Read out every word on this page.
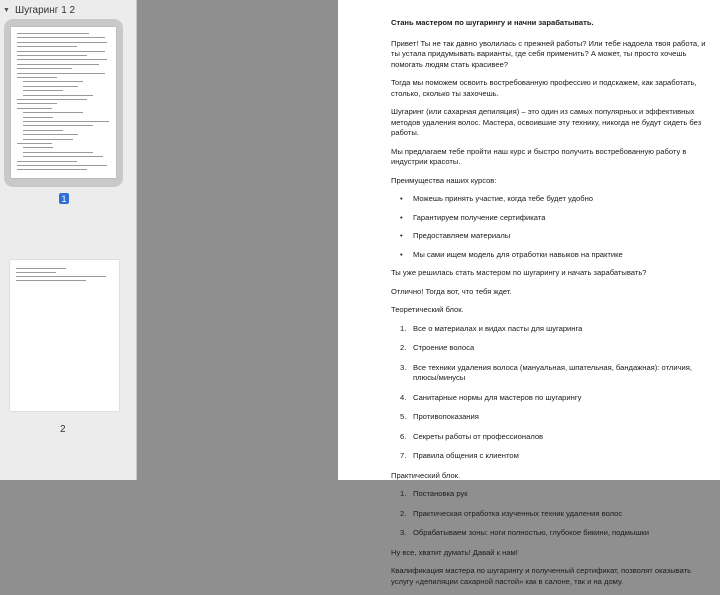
▼ Шугаринг 1 2
1
2

Стань мастером по шугарингу и начни зарабатывать.

Привет! Ты не так давно уволилась с прежней работы? Или тебе надоела твоя работа, и ты устала придумывать варианты, где себя применить? А может, ты просто хочешь помогать людям стать красивее?

Тогда мы поможем освоить востребованную профессию и подскажем, как заработать, столько, сколько ты захочешь.

Шугаринг (или сахарная депиляция) – это один из самых популярных и эффективных методов удаления волос. Мастера, освоившие эту технику, никогда не будут сидеть без работы.

Мы предлагаем тебе пройти наш курс и быстро получить востребованную работу в индустрии красоты.

Преимущества наших курсов:

• Можешь принять участие, когда тебе будет удобно
• Гарантируем получение сертификата
• Предоставляем материалы
• Мы сами ищем модель для отработки навыков на практике

Ты уже решилась стать мастером по шугарингу и начать зарабатывать?

Отлично! Тогда вот, что тебя ждет.

Теоретический блок.

1. Все о материалах и видах пасты для шугаринга
2. Строение волоса
3. Все техники удаления волоса (мануальная, шпательная, бандажная): отличия, плюсы/минусы
4. Санитарные нормы для мастеров по шугарингу
5. Противопоказания
6. Секреты работы от профессионалов
7. Правила общения с клиентом

Практический блок.

1. Постановка рук
2. Практическая отработка изученных техник удаления волос
3. Обрабатываем зоны: ноги полностью, глубокое бикини, подмышки

Ну все, хватит думать! Давай к нам!

Квалификация мастера по шугарингу и полученный сертификат, позволят оказывать услугу «депиляции сахарной пастой» как в салоне, так и на дому.
